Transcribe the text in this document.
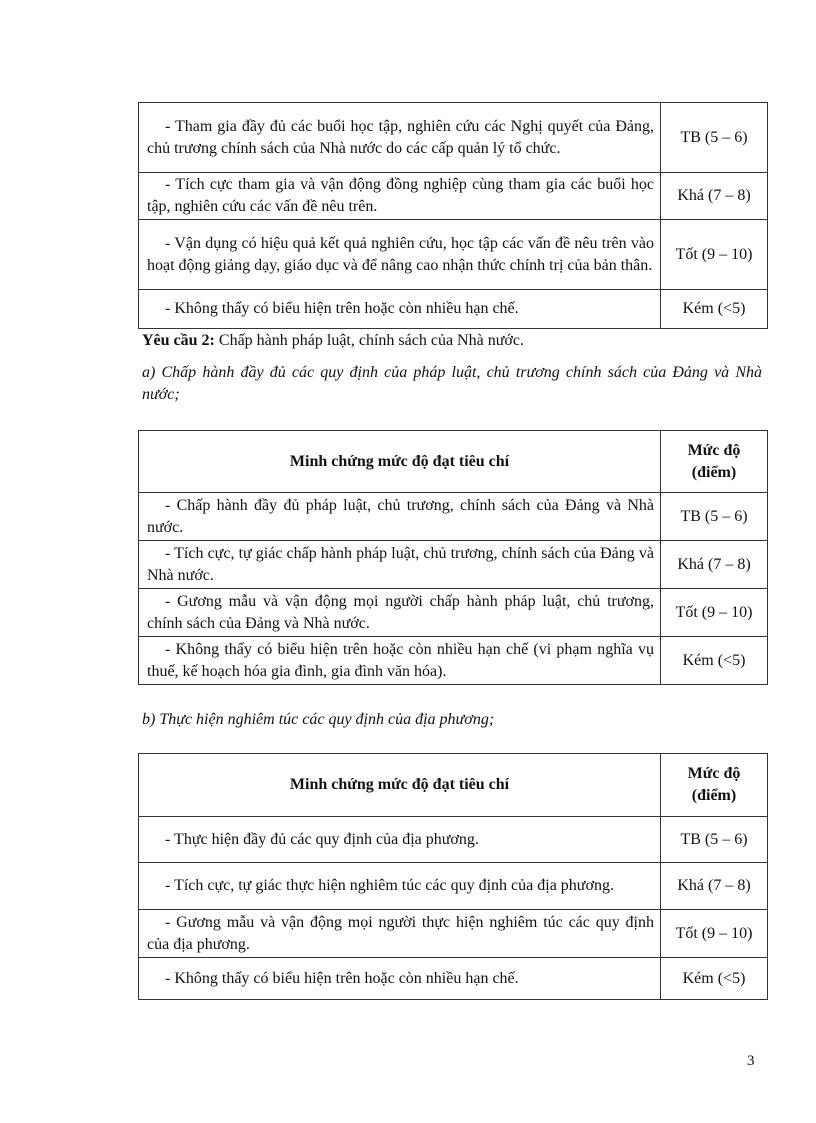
- Tham gia đầy đủ các buổi học tập, nghiên cứu các Nghị quyết của Đảng, chủ trương chính sách của Nhà nước do các cấp quản lý tổ chức.	TB (5 – 6)

- Tích cực tham gia và vận động đồng nghiệp cùng tham gia các buổi học tập, nghiên cứu các vấn đề nêu trên.	Khá (7 – 8)

- Vận dụng có hiệu quả kết quả nghiên cứu, học tập các vấn đề nêu trên vào hoạt động giảng dạy, giáo dục và để nâng cao nhận thức chính trị của bản thân.	Tốt (9 – 10)

- Không thấy có biểu hiện trên hoặc còn nhiều hạn chế.	Kém (<5)
Yêu cầu 2: Chấp hành pháp luật, chính sách của Nhà nước.
a) Chấp hành đầy đủ các quy định của pháp luật, chủ trương chính sách của Đảng và Nhà nước;
Minh chứng mức độ đạt tiêu chí	Mức độ
(điểm)

- Chấp hành đầy đủ pháp luật, chủ trương, chính sách của Đảng và Nhà nước.	TB (5 – 6)

- Tích cực, tự giác chấp hành pháp luật, chủ trương, chính sách của Đảng và Nhà nước.	Khá (7 – 8)

- Gương mẫu và vận động mọi người chấp hành pháp luật, chủ trương, chính sách của Đảng và Nhà nước.	Tốt (9 – 10)

- Không thấy có biểu hiện trên hoặc còn nhiều hạn chế (vi phạm nghĩa vụ thuế, kế hoạch hóa gia đình, gia đình văn hóa).	Kém (<5)
b) Thực hiện nghiêm túc các quy định của địa phương;
Minh chứng mức độ đạt tiêu chí	Mức độ
(điểm)

- Thực hiện đầy đủ các quy định của địa phương.	TB (5 – 6)

- Tích cực, tự giác thực hiện nghiêm túc các quy định của địa phương.	Khá (7 – 8)

- Gương mẫu và vận động mọi người thực hiện nghiêm túc các quy định của địa phương.	Tốt (9 – 10)

- Không thấy có biểu hiện trên hoặc còn nhiều hạn chế.	Kém (<5)
3
